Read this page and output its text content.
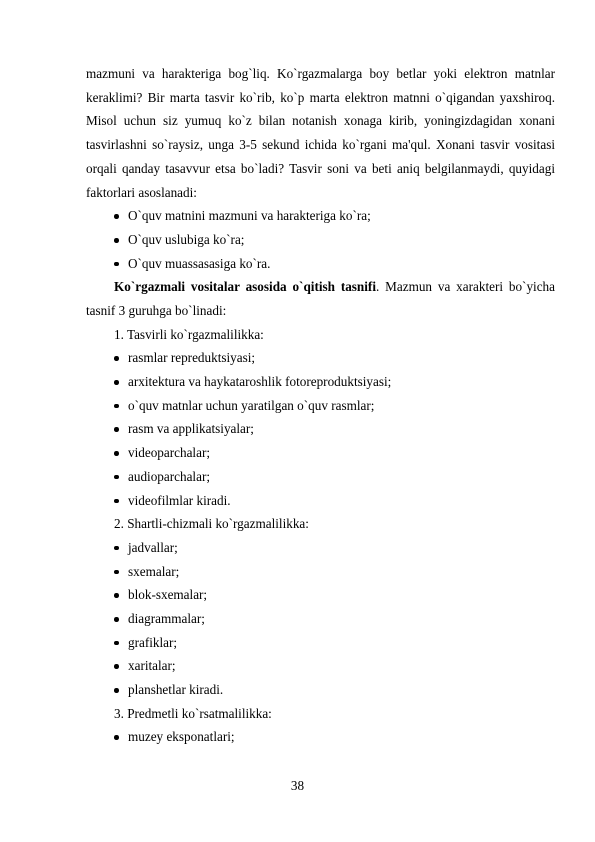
mazmuni va harakteriga bog`liq. Ko`rgazmalarga boy betlar yoki elektron matnlar keraklimi? Bir marta tasvir ko`rib, ko`p marta elektron matnni o`qigandan yaxshiroq. Misol uchun siz yumuq ko`z bilan notanish xonaga kirib, yoningizdagidan xonani tasvirlashni so`raysiz, unga 3-5 sekund ichida ko`rgani ma'qul. Xonani tasvir vositasi orqali qanday tasavvur etsa bo`ladi? Tasvir soni va beti aniq belgilanmaydi, quyidagi faktorlari asoslanadi:

O`quv matnini mazmuni va harakteriga ko`ra;
O`quv uslubiga ko`ra;
O`quv muassasasiga ko`ra.

Ko`rgazmali vositalar asosida o`qitish tasnifi. Mazmun va xarakteri bo`yicha tasnif 3 guruhga bo`linadi:

1. Tasvirli ko`rgazmalilikka:

rasmlar repreduktsiyasi;
arxitektura va haykataroshlik fotoreproduktsiyasi;
o`quv matnlar uchun yaratilgan o`quv rasmlar;
rasm va applikatsiyalar;
videoparchalar;
audioparchalar;
videofilmlar kiradi.

2. Shartli-chizmali ko`rgazmalilikka:

jadvallar;
sxemalar;
blok-sxemalar;
diagrammalar;
grafiklar;
xaritalar;
planshetlar kiradi.

3. Predmetli ko`rsatmalilikka:

muzey eksponatlari;
38
